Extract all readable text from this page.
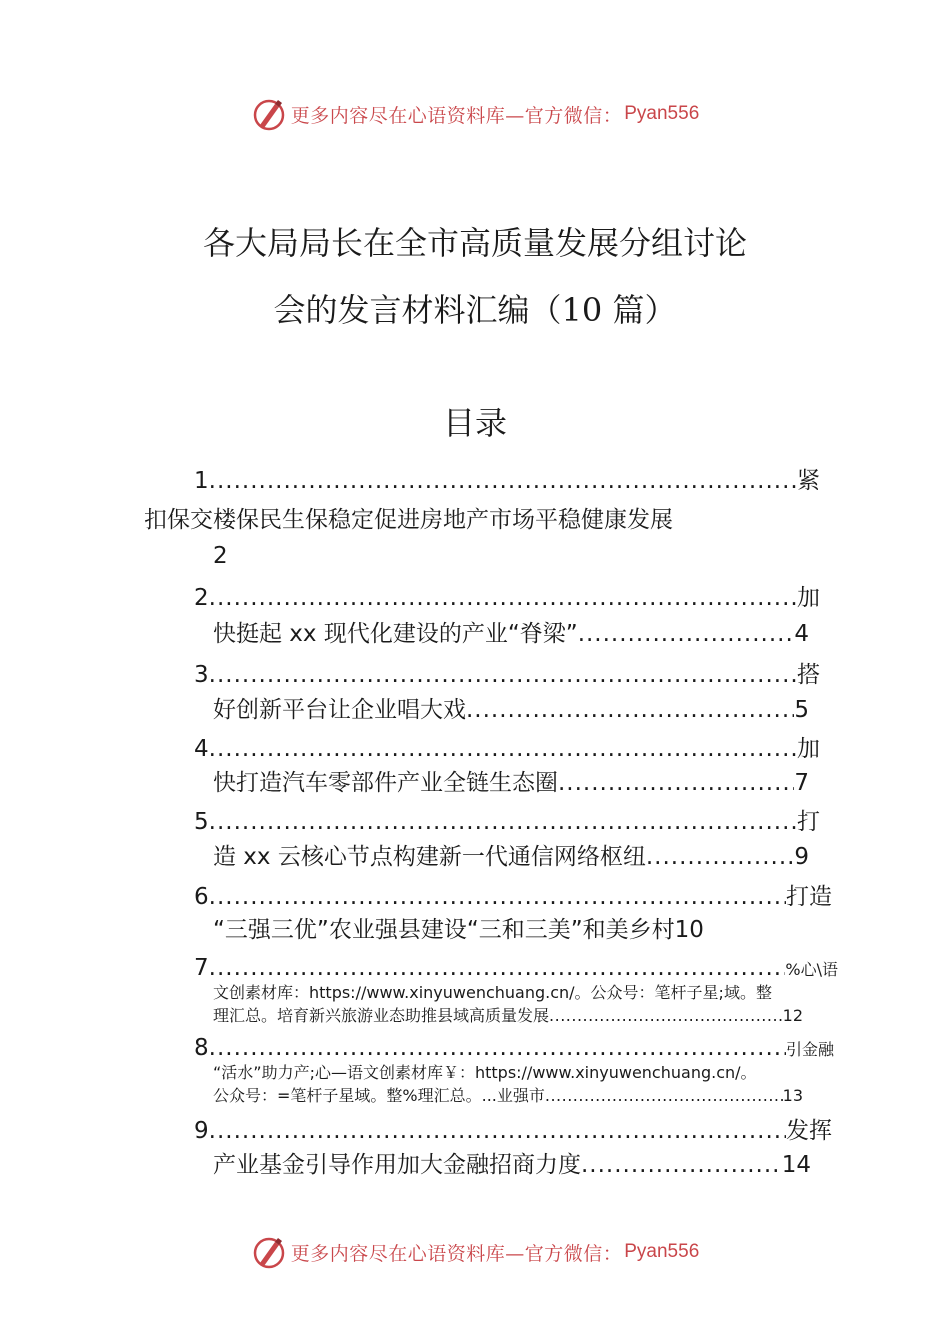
更多内容尽在心语资料库—官方微信： Pyan556
各大局局长在全市高质量发展分组讨论
会的发言材料汇编（10 篇）
目录
1 .....	紧
扣保交楼保民生保稳定促进房地产市场平稳健康发展
2
2 .....	加
快挺起 xx 现代化建设的产业“脊梁” .....	4
3 .....	搭
好创新平台让企业唱大戏 .....	5
4 .....	加
快打造汽车零部件产业全链生态圈 .....	7
5 .....	打
造 xx 云核心节点构建新一代通信网络枢纽 .....	9
6 .....	打造
“三强三优”农业强县建设“三和三美”和美乡村 10
7 .....	%心\语
文创素材库：https://www.xinyuwenchuang.cn/。公众号：笔杆子星;域。整
理汇总。培育新兴旅游业态助推县域高质量发展 .....	12
8 .....	引金融
“活水”助力产;心—语文创素材库￥：https://www.xinyuwenchuang.cn/。
公众号：=笔杆子星域。整%理汇总。...业强市 .....	13
9 .....	发挥
产业基金引导作用加大金融招商力度 .....	14
更多内容尽在心语资料库—官方微信： Pyan556
